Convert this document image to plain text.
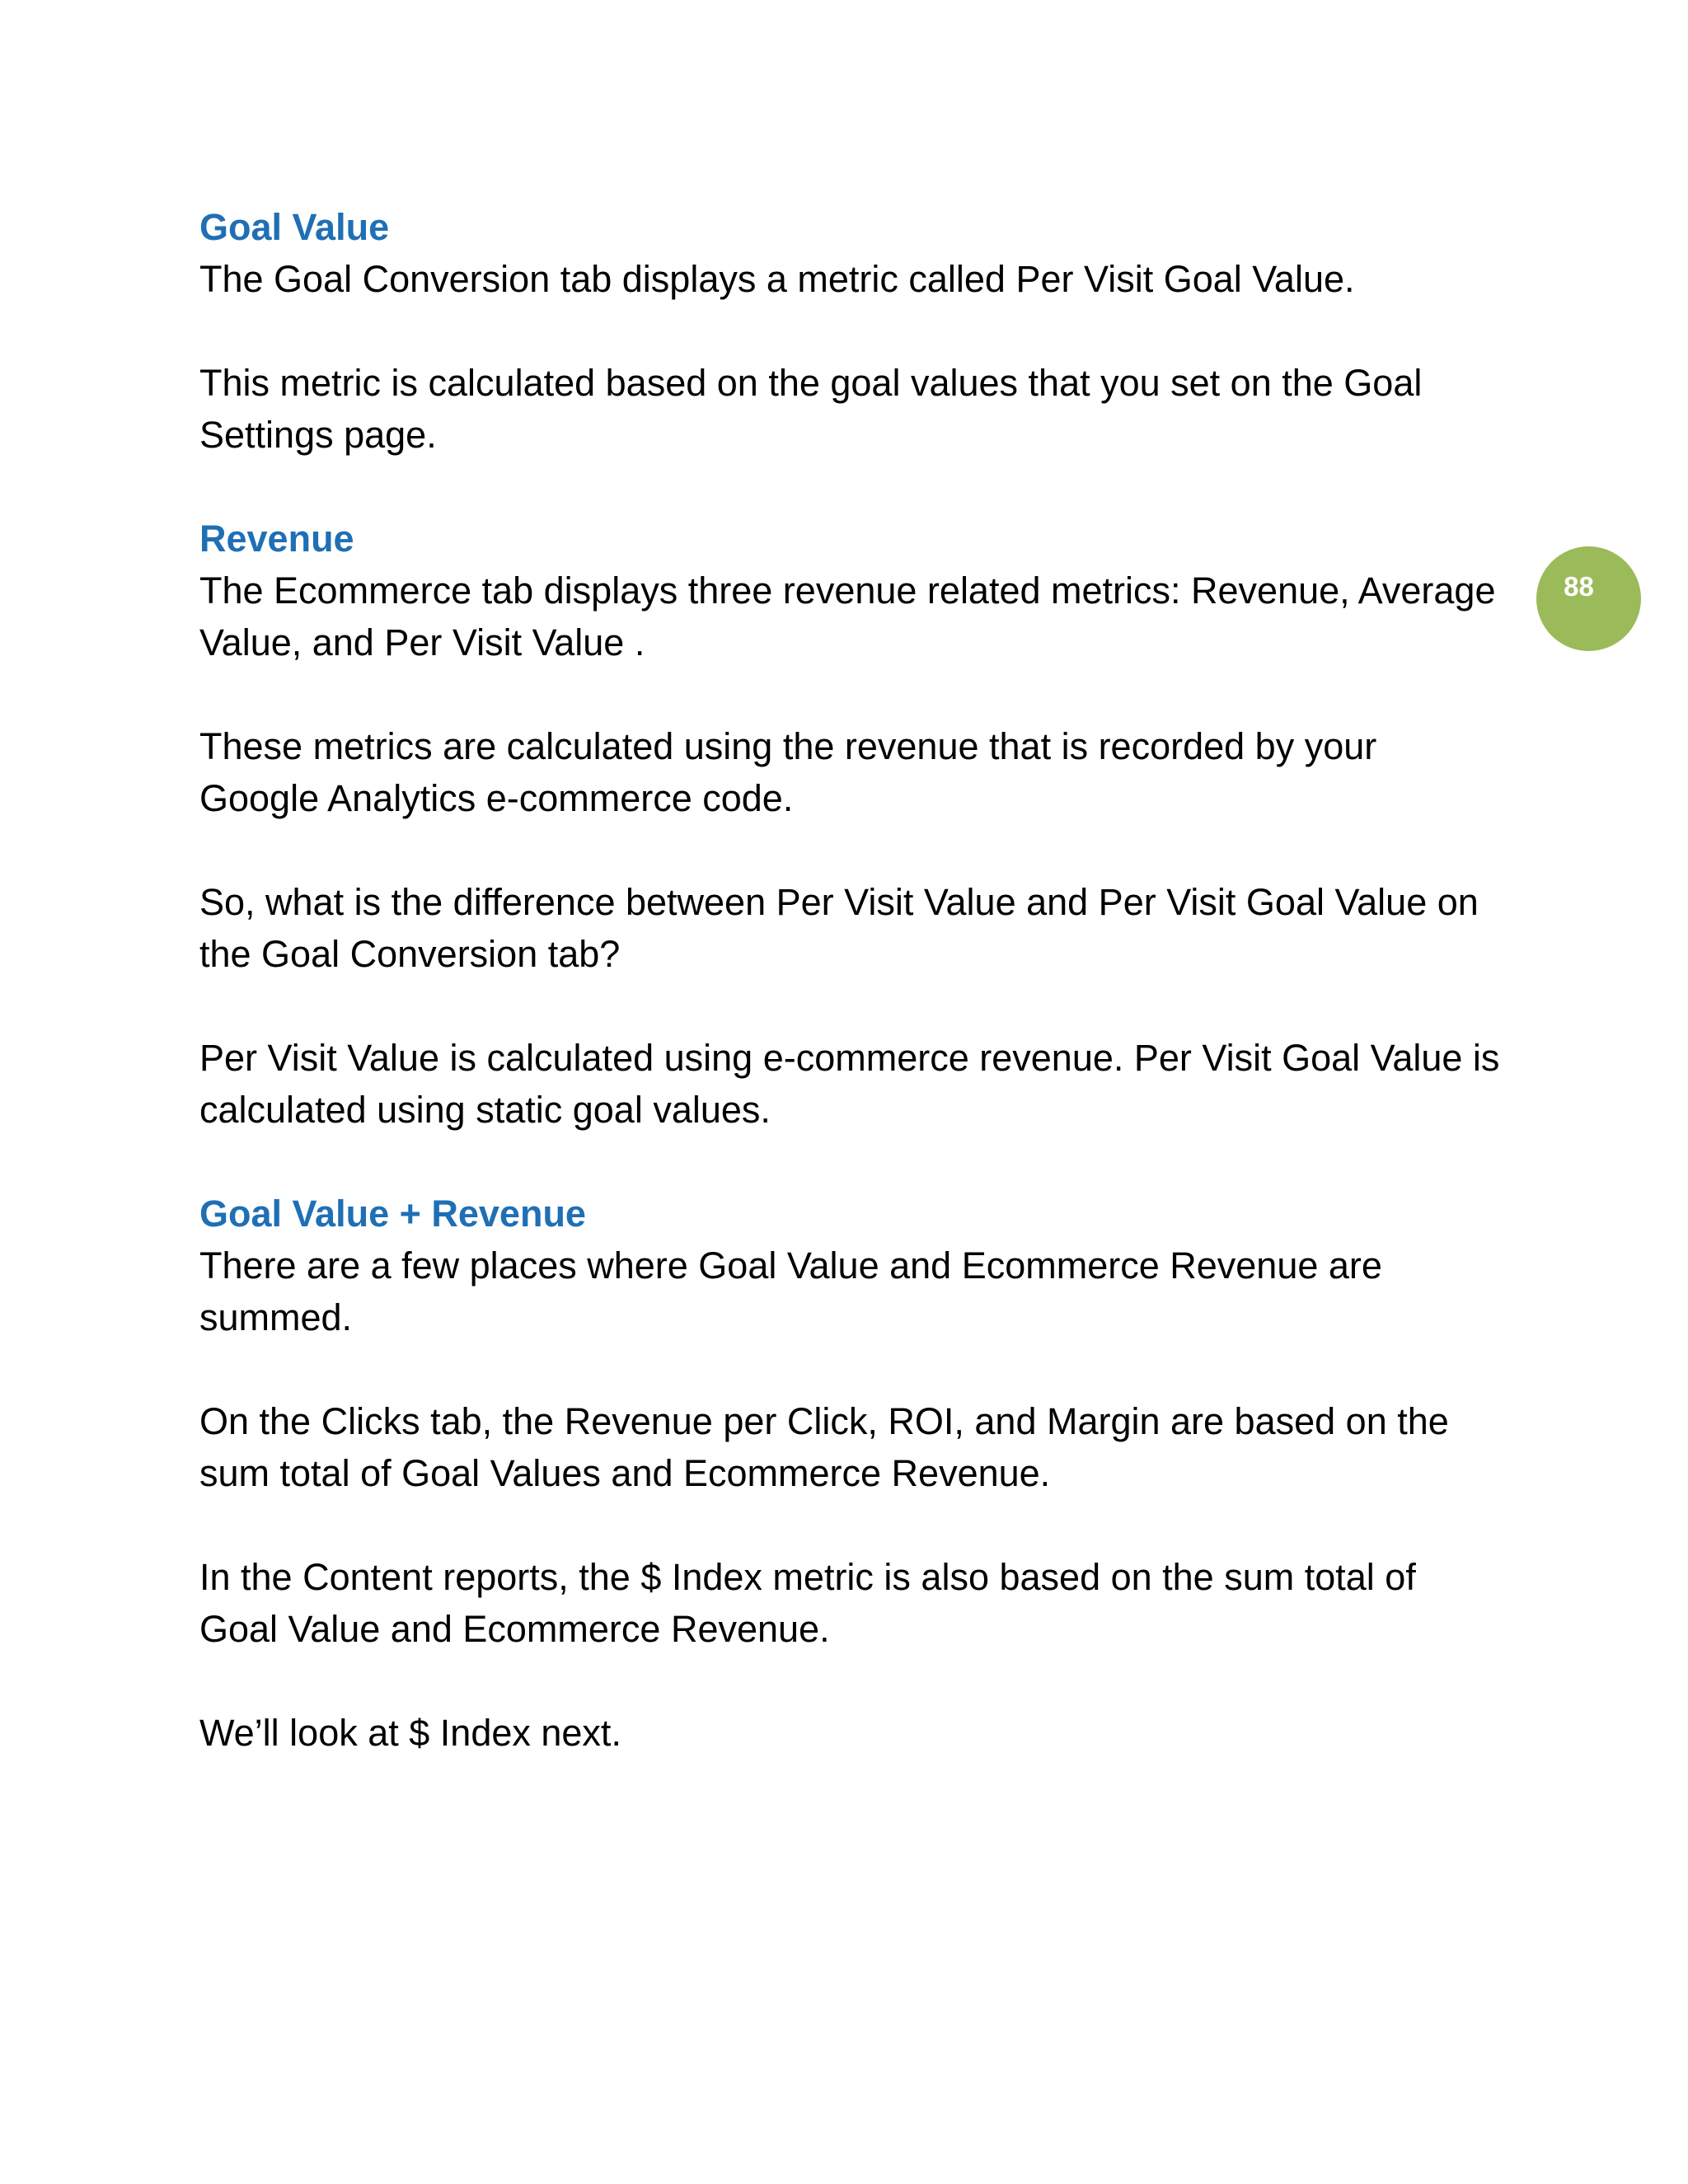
Goal Value

The Goal Conversion tab displays a metric called Per Visit Goal Value.

This metric is calculated based on the goal values that you set on the Goal Settings page.

Revenue

The Ecommerce tab displays three revenue related metrics: Revenue, Average Value, and Per Visit Value .

These metrics are calculated using the revenue that is recorded by your Google Analytics e-commerce code.

So, what is the difference between Per Visit Value and Per Visit Goal Value on the Goal Conversion tab?

Per Visit Value is calculated using e-commerce revenue. Per Visit Goal Value is calculated using static goal values.

Goal Value + Revenue

There are a few places where Goal Value and Ecommerce Revenue are summed.

On the Clicks tab, the Revenue per Click, ROI, and Margin are based on the sum total of Goal Values and Ecommerce Revenue.

In the Content reports, the $ Index metric is also based on the sum total of Goal Value and Ecommerce Revenue.

We’ll look at $ Index next.

88
